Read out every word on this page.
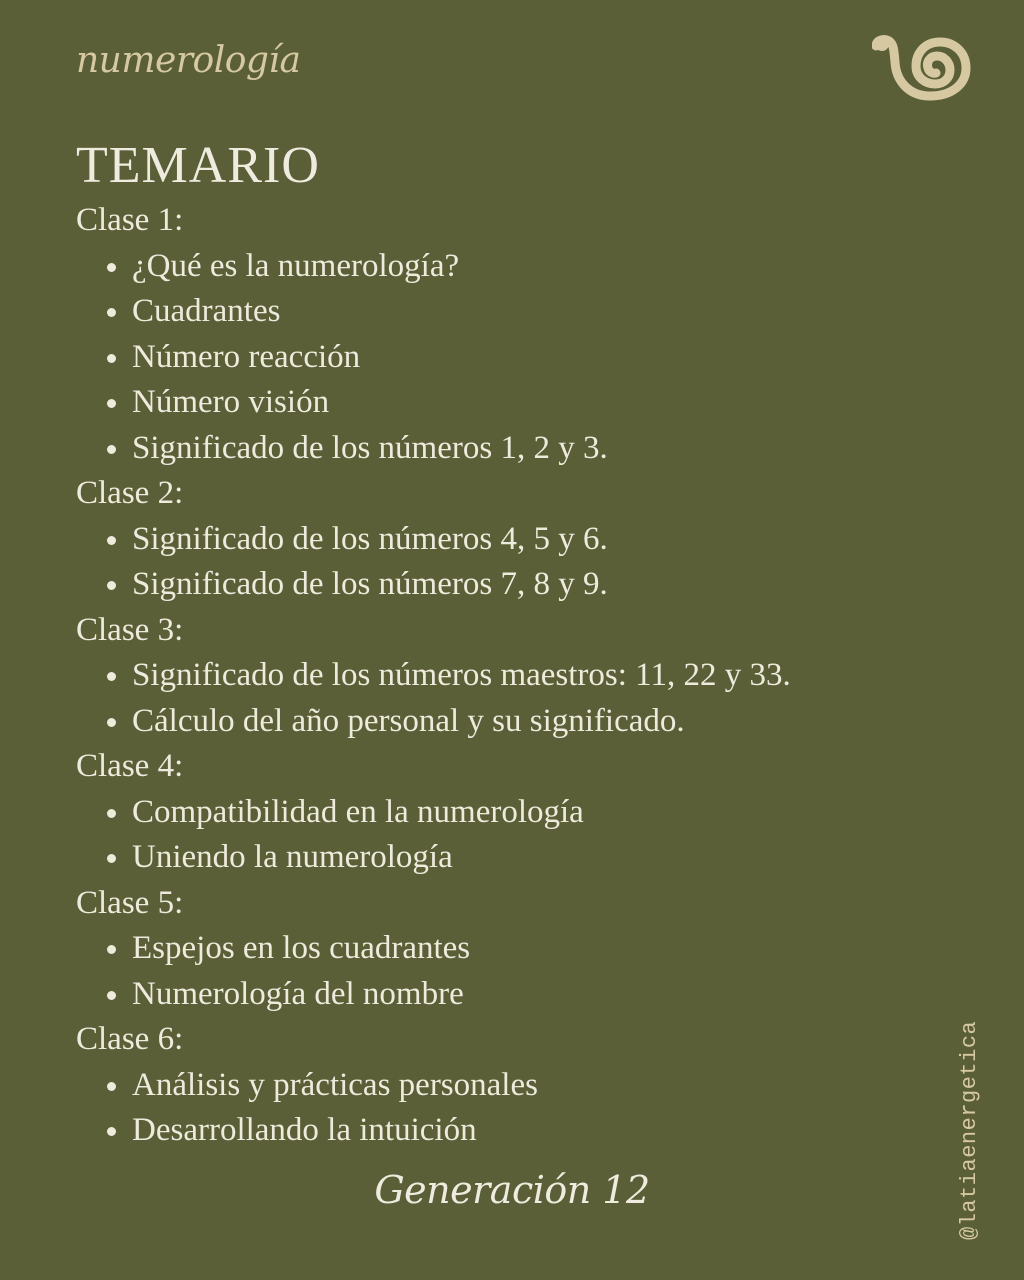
numerología
TEMARIO
Clase 1:
¿Qué es la numerología?
Cuadrantes
Número reacción
Número visión
Significado de los números 1, 2 y 3.
Clase 2:
Significado de los números 4, 5 y 6.
Significado de los números 7, 8 y 9.
Clase 3:
Significado de los números maestros: 11, 22 y 33.
Cálculo del año personal y su significado.
Clase 4:
Compatibilidad en la numerología
Uniendo la numerología
Clase 5:
Espejos en los cuadrantes
Numerología del nombre
Clase 6:
Análisis y prácticas personales
Desarrollando la intuición
Generación 12	@latiaenergetica
